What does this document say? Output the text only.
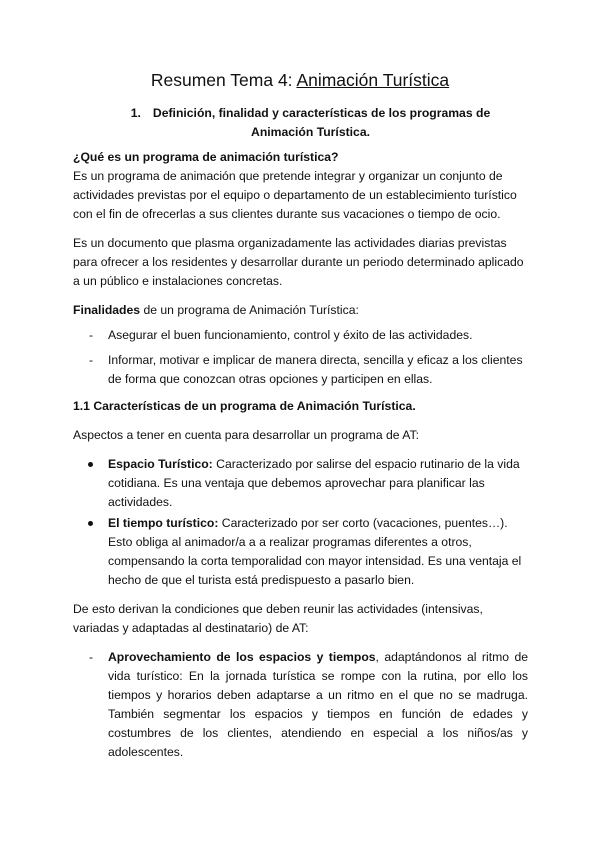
Resumen Tema 4: Animación Turística
1. Definición, finalidad y características de los programas de Animación Turística.

¿Qué es un programa de animación turística?

Es un programa de animación que pretende integrar y organizar un conjunto de actividades previstas por el equipo o departamento de un establecimiento turístico con el fin de ofrecerlas a sus clientes durante sus vacaciones o tiempo de ocio.

Es un documento que plasma organizadamente las actividades diarias previstas para ofrecer a los residentes y desarrollar durante un periodo determinado aplicado a un público e instalaciones concretas.

Finalidades de un programa de Animación Turística:

- Asegurar el buen funcionamiento, control y éxito de las actividades.
- Informar, motivar e implicar de manera directa, sencilla y eficaz a los clientes de forma que conozcan otras opciones y participen en ellas.

1.1 Características de un programa de Animación Turística.

Aspectos a tener en cuenta para desarrollar un programa de AT:

Espacio Turístico: Caracterizado por salirse del espacio rutinario de la vida cotidiana. Es una ventaja que debemos aprovechar para planificar las actividades.
El tiempo turístico: Caracterizado por ser corto (vacaciones, puentes…). Esto obliga al animador/a a a realizar programas diferentes a otros, compensando la corta temporalidad con mayor intensidad. Es una ventaja el hecho de que el turista está predispuesto a pasarlo bien.

De esto derivan la condiciones que deben reunir las actividades (intensivas, variadas y adaptadas al destinatario) de AT:

- Aprovechamiento de los espacios y tiempos, adaptándonos al ritmo de vida turístico: En la jornada turística se rompe con la rutina, por ello los tiempos y horarios deben adaptarse a un ritmo en el que no se madruga. También segmentar los espacios y tiempos en función de edades y costumbres de los clientes, atendiendo en especial a los niños/as y adolescentes.
